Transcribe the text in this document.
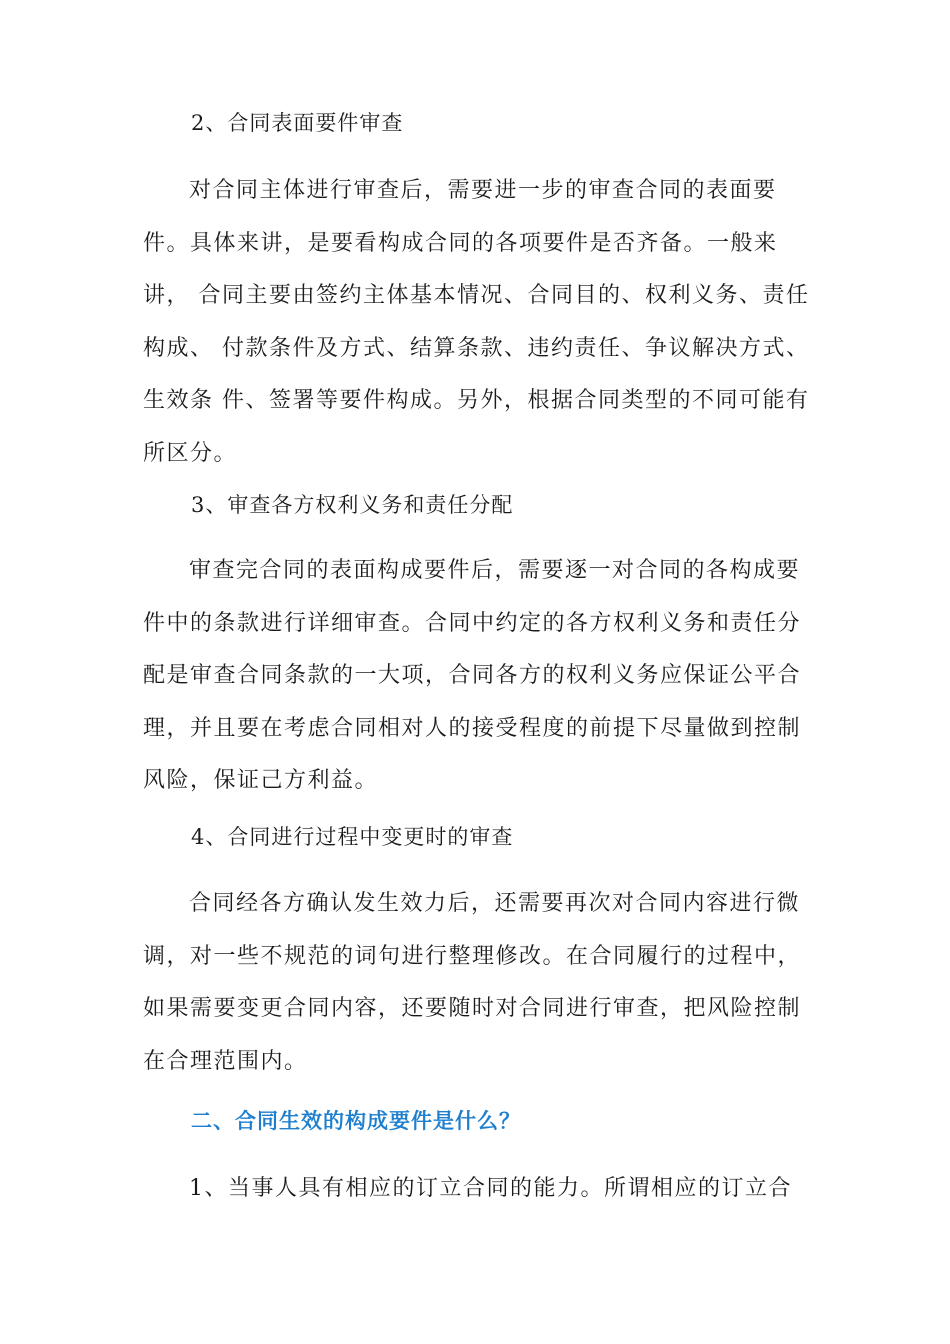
2、合同表面要件审查

对合同主体进行审查后，需要进一步的审查合同的表面要件。具体来讲，是要看构成合同的各项要件是否齐备。一般来讲， 合同主要由签约主体基本情况、合同目的、权利义务、责任构成、 付款条件及方式、结算条款、违约责任、争议解决方式、生效条 件、签署等要件构成。另外，根据合同类型的不同可能有所区分。

3、审查各方权利义务和责任分配

审查完合同的表面构成要件后，需要逐一对合同的各构成要件中的条款进行详细审查。合同中约定的各方权利义务和责任分配是审查合同条款的一大项，合同各方的权利义务应保证公平合理，并且要在考虑合同相对人的接受程度的前提下尽量做到控制风险，保证己方利益。

4、合同进行过程中变更时的审查

合同经各方确认发生效力后，还需要再次对合同内容进行微调，对一些不规范的词句进行整理修改。在合同履行的过程中，如果需要变更合同内容，还要随时对合同进行审查，把风险控制在合理范围内。

二、合同生效的构成要件是什么？

1、当事人具有相应的订立合同的能力。所谓相应的订立合
